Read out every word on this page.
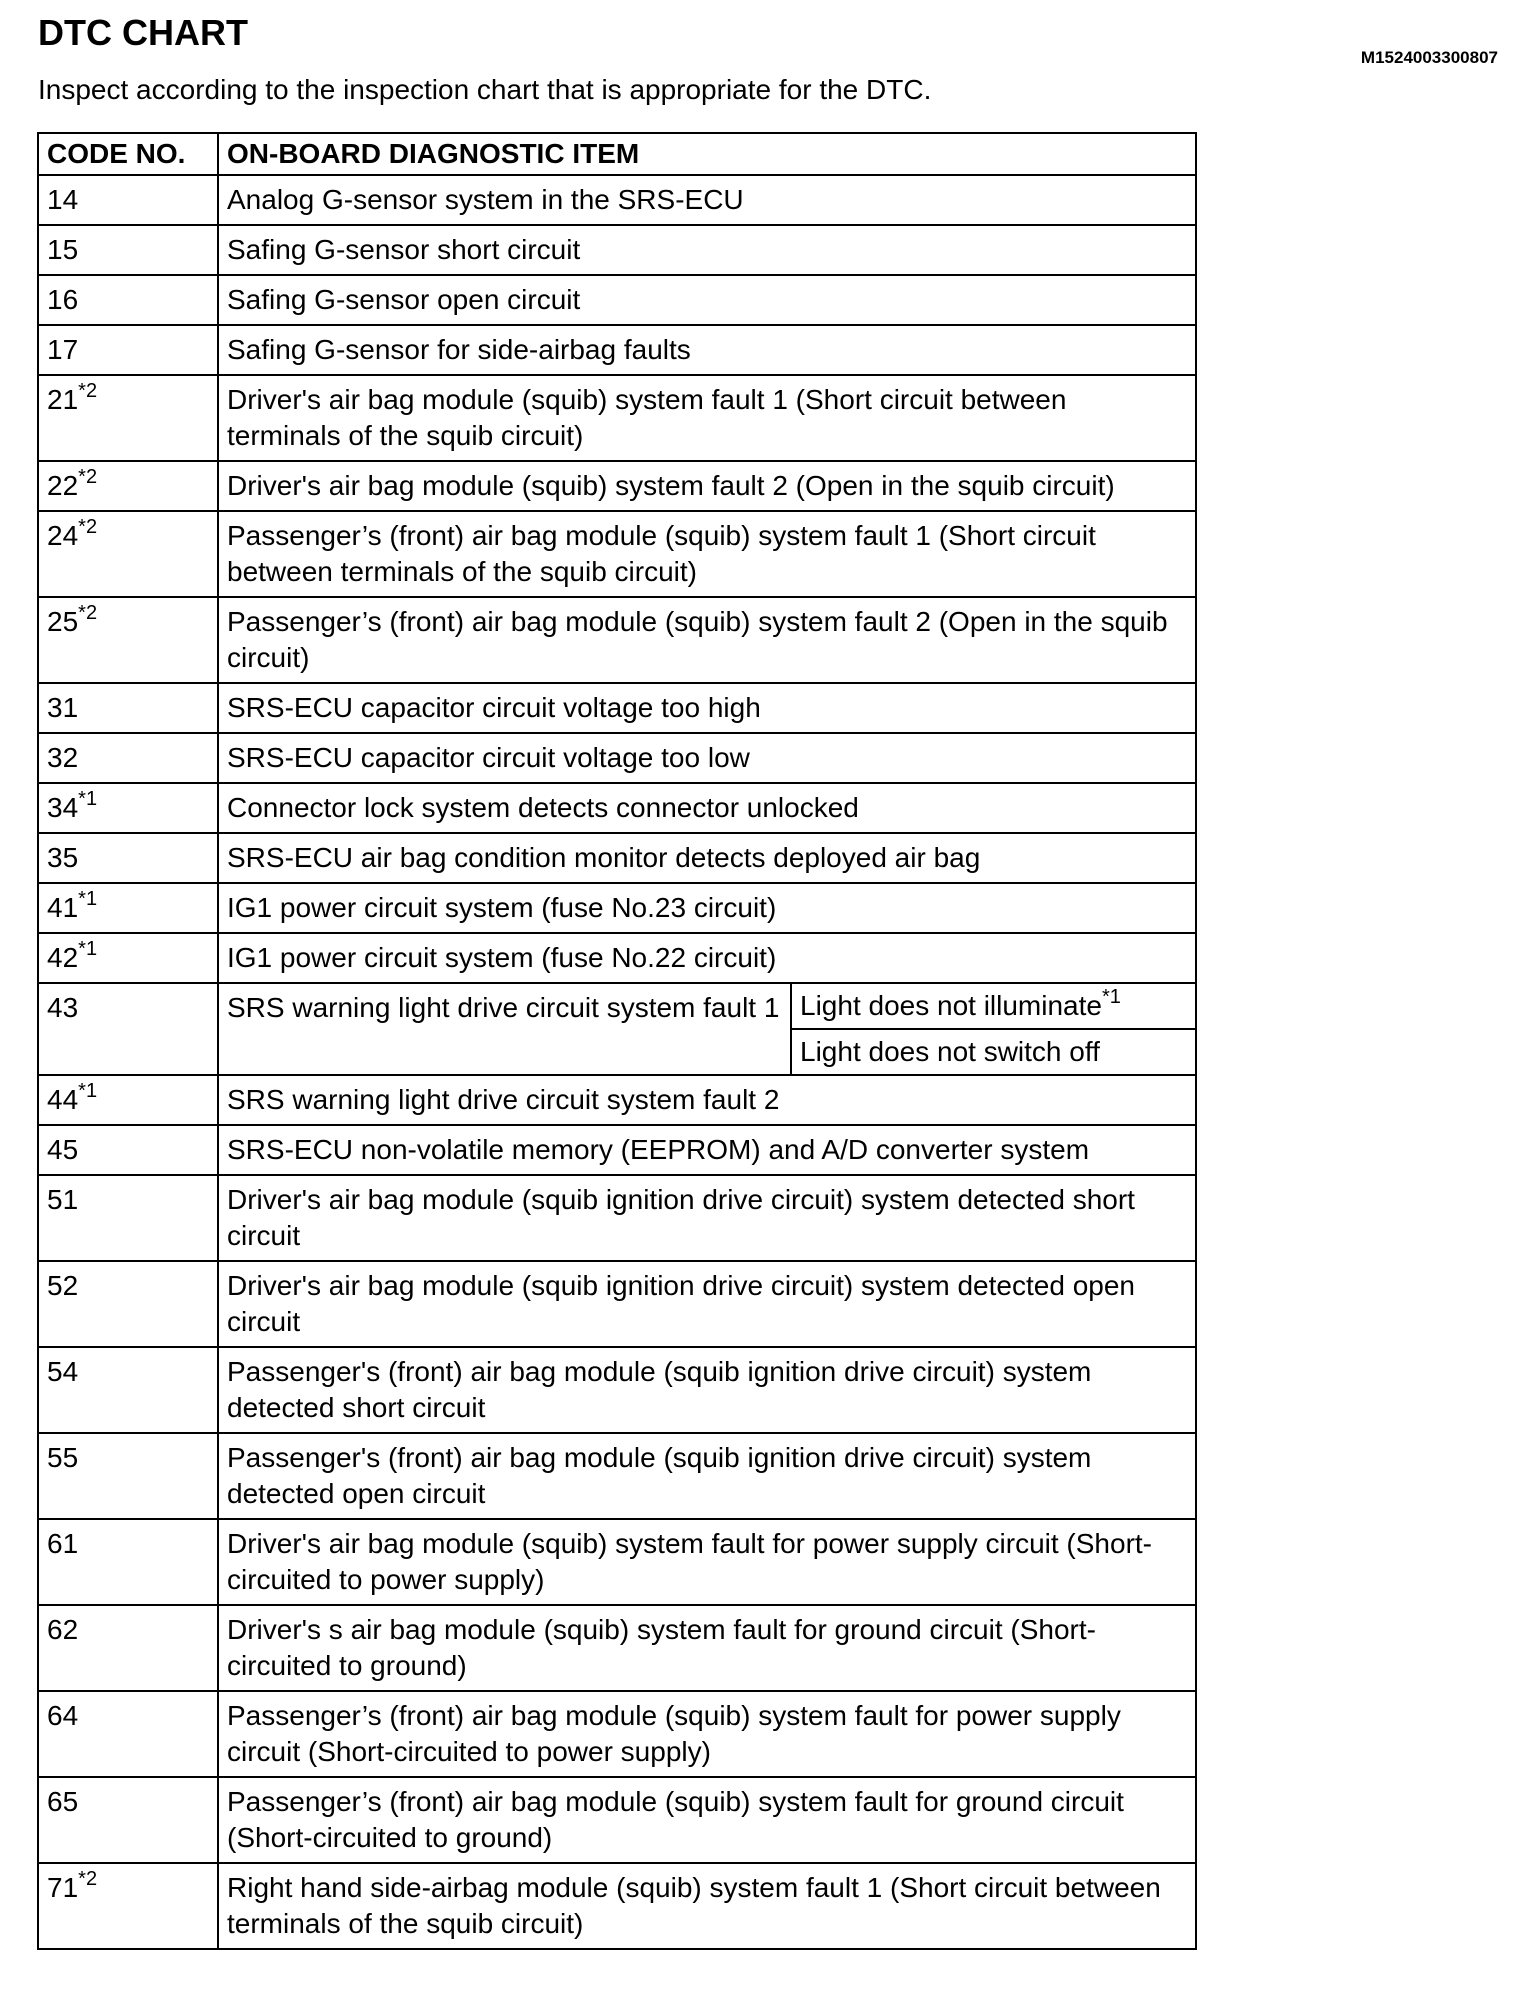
DTC CHART
M1524003300807
Inspect according to the inspection chart that is appropriate for the DTC.
CODE NO.	ON-BOARD DIAGNOSTIC ITEM	
14	Analog G-sensor system in the SRS-ECU	
15	Safing G-sensor short circuit	
16	Safing G-sensor open circuit	
17	Safing G-sensor for side-airbag faults	
21$^{*2}$	Driver's air bag module (squib) system fault 1 (Short circuit between terminals of the squib circuit)	
22$^{*2}$	Driver's air bag module (squib) system fault 2 (Open in the squib circuit)	
24$^{*2}$	Passenger’s (front) air bag module (squib) system fault 1 (Short circuit between terminals of the squib circuit)	
25$^{*2}$	Passenger’s (front) air bag module (squib) system fault 2 (Open in the squib circuit)	
31	SRS-ECU capacitor circuit voltage too high	
32	SRS-ECU capacitor circuit voltage too low	
34$^{*1}$	Connector lock system detects connector unlocked	
35	SRS-ECU air bag condition monitor detects deployed air bag	
41$^{*1}$	IG1 power circuit system (fuse No.23 circuit)	
42$^{*1}$	IG1 power circuit system (fuse No.22 circuit)	
43	SRS warning light drive circuit system fault 1	Light does not illuminate$^{*1}$
		Light does not switch off
44$^{*1}$	SRS warning light drive circuit system fault 2	
45	SRS-ECU non-volatile memory (EEPROM) and A/D converter system	
51	Driver's air bag module (squib ignition drive circuit) system detected short circuit	
52	Driver's air bag module (squib ignition drive circuit) system detected open circuit	
54	Passenger's (front) air bag module (squib ignition drive circuit) system detected short circuit	
55	Passenger's (front) air bag module (squib ignition drive circuit) system detected open circuit	
61	Driver's air bag module (squib) system fault for power supply circuit (Short-circuited to power supply)	
62	Driver's s air bag module (squib) system fault for ground circuit (Short-circuited to ground)	
64	Passenger’s (front) air bag module (squib) system fault for power supply circuit (Short-circuited to power supply)	
65	Passenger’s (front) air bag module (squib) system fault for ground circuit (Short-circuited to ground)	
71$^{*2}$	Right hand side-airbag module (squib) system fault 1 (Short circuit between terminals of the squib circuit)	
